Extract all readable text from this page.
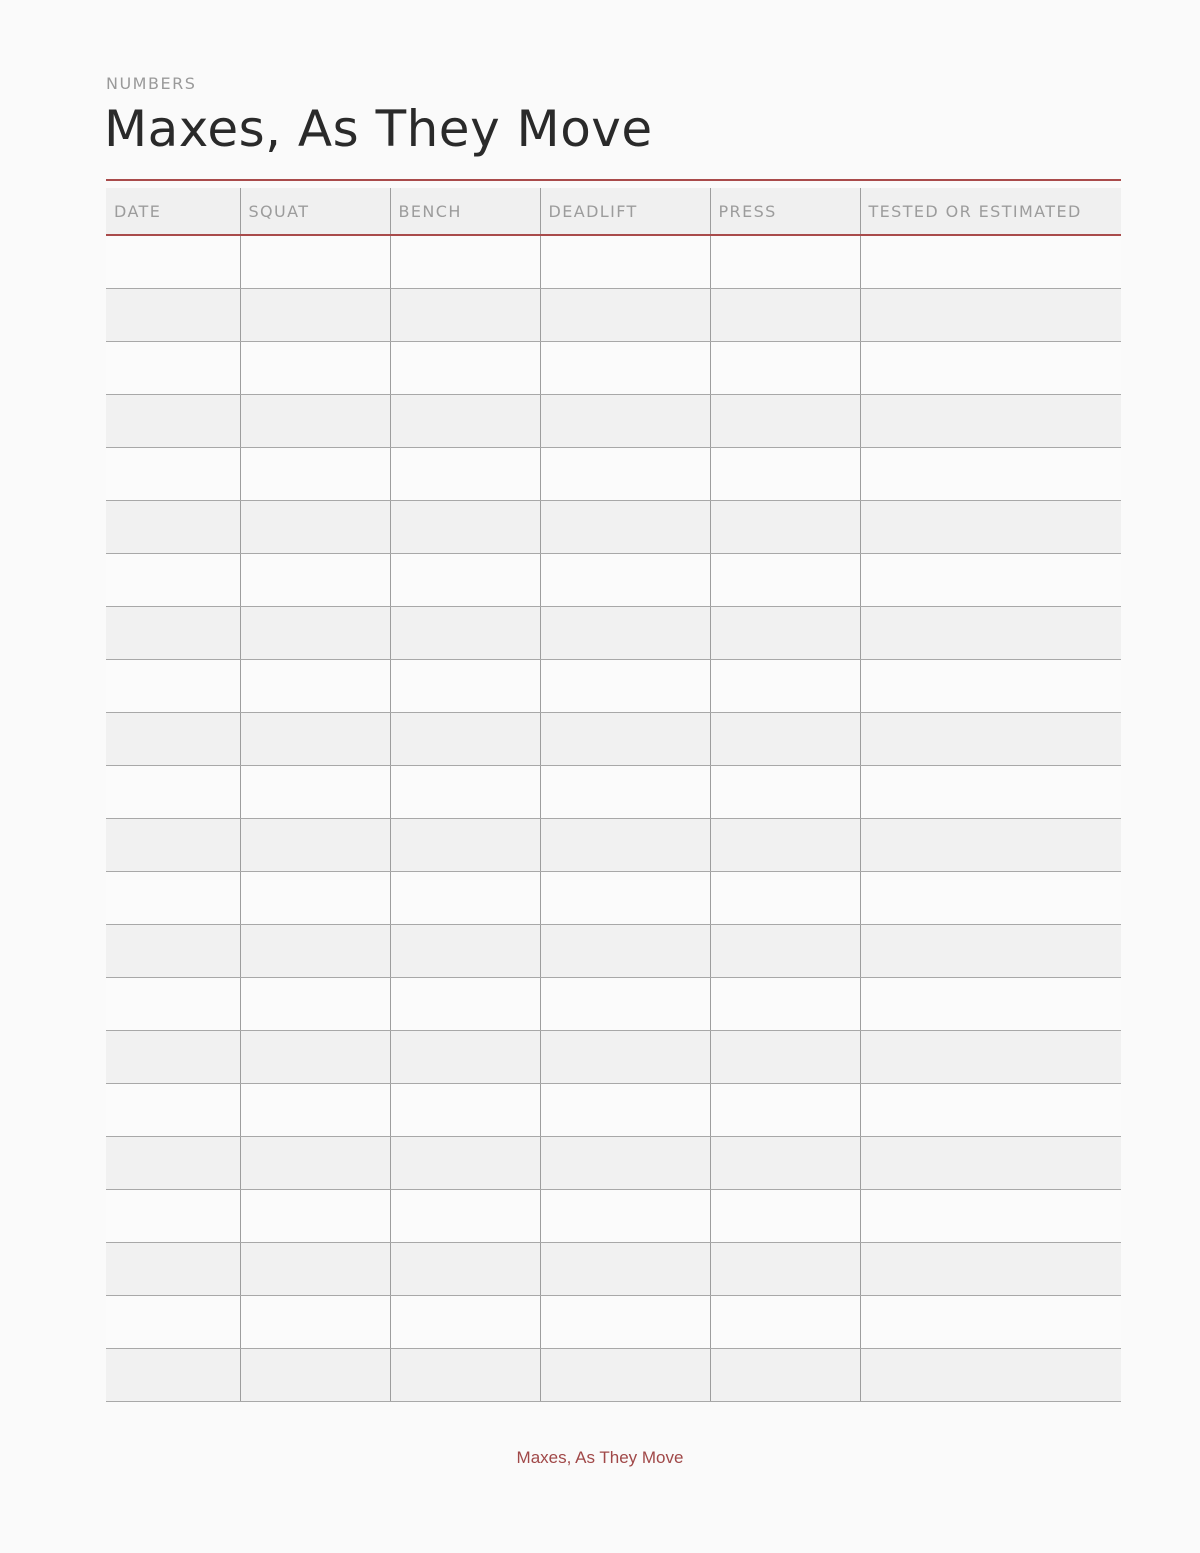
NUMBERS
Maxes, As They Move
DATE	SQUAT	BENCH	DEADLIFT	PRESS	TESTED OR ESTIMATED

Maxes, As They Move
